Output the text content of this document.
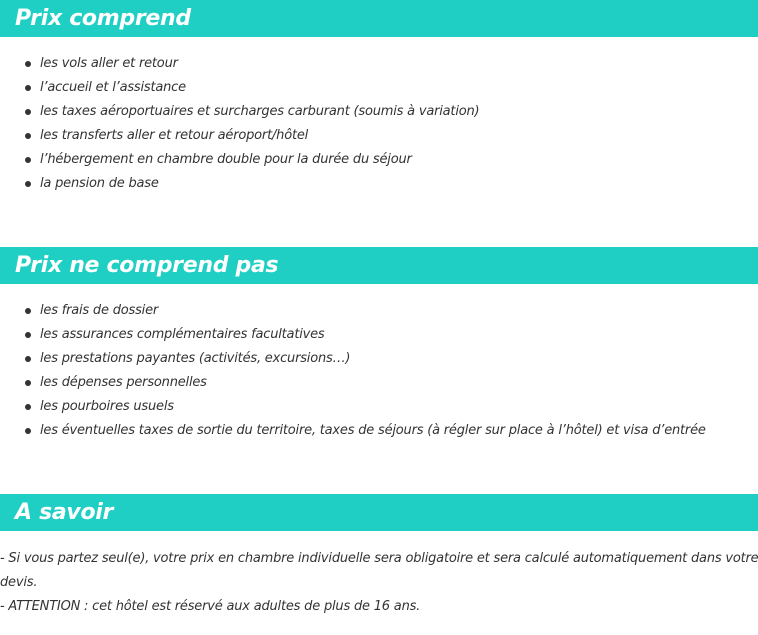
Prix comprend
les vols aller et retour
l’accueil et l’assistance
les taxes aéroportuaires et surcharges carburant (soumis à variation)
les transferts aller et retour aéroport/hôtel
l’hébergement en chambre double pour la durée du séjour
la pension de base
Prix ne comprend pas
les frais de dossier
les assurances complémentaires facultatives
les prestations payantes (activités, excursions…)
les dépenses personnelles
les pourboires usuels
les éventuelles taxes de sortie du territoire, taxes de séjours (à régler sur place à l’hôtel) et visa d’entrée
A savoir
- Si vous partez seul(e), votre prix en chambre individuelle sera obligatoire et sera calculé automatiquement dans votre
devis.
- ATTENTION : cet hôtel est réservé aux adultes de plus de 16 ans.
